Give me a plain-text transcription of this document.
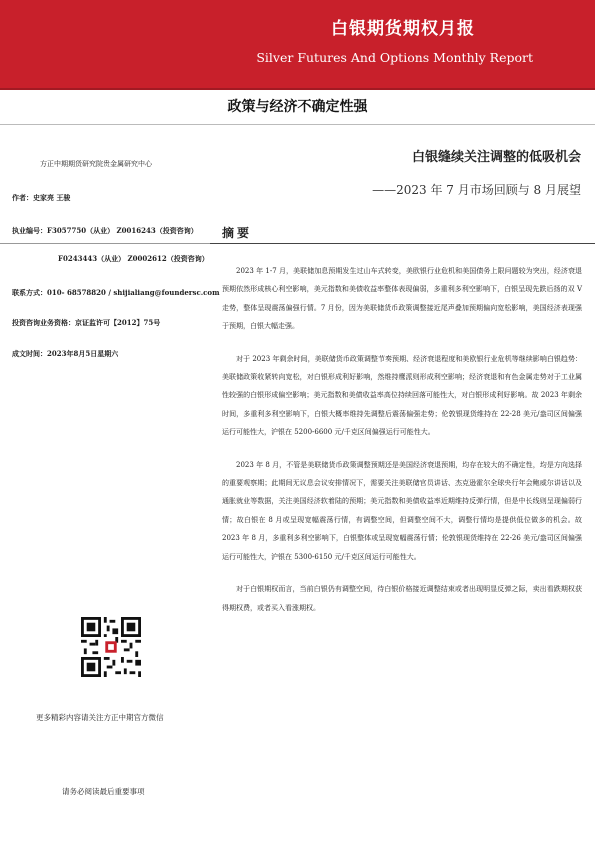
白银期货期权月报
Silver Futures And Options Monthly Report
政策与经济不确定性强
白银缝续关注调整的低吸机会
——2023 年 7 月市场回顾与 8 月展望
方正中期期货研究院贵金属研究中心
作者：史家亮 王骏
执业编号：F3057750（从业） Z0016243（投资咨询）
F0243443（从业） Z0002612（投资咨询）
联系方式：010- 68578820 / shijialiang@foundersc.com
投资咨询业务资格：京证监许可【2012】75号
成文时间：2023年8月5日星期六
摘要

2023 年 1-7 月，美联储加息预期发生过山车式转变，美欧银行业危机和美国债务上限问题较为突出，经济衰退预期依然形成核心利空影响，美元指数和美债收益率整体表现偏弱，多重利多利空影响下，白银呈现先跌后扬的双 V 走势，整体呈现震荡偏强行情。7 月份，因为美联储货币政策调整接近尾声叠加预期偏向宽松影响，美国经济表现强于预期，白银大幅走强。

对于 2023 年剩余时间，美联储货币政策调整节奏预期、经济衰退程度和美欧银行业危机等继续影响白银趋势：美联储政策收紧转向宽松，对白银形成利好影响，然维持鹰派则形成利空影响；经济衰退和有色金属走势对于工业属性较强的白银形成偏空影响；美元指数和美债收益率高位持续回落可能性大，对白银形成利好影响。故 2023 年剩余时间，多重利多利空影响下，白银大概率维持先调整后震荡偏强走势；伦敦银现货维持在 22-28 美元/盎司区间偏强运行可能性大，沪银在 5200-6600 元/千克区间偏强运行可能性大。

2023 年 8 月，不管是美联储货币政策调整预期还是美国经济衰退预期，均存在较大的不确定性，均是方向选择的重要观察期；此期间无议息会议安排情况下，需要关注美联储官员讲话、杰克逊霍尔全球央行年会鲍威尔讲话以及通胀就业等数据，关注美国经济软着陆的预期；美元指数和美债收益率近期维持反弹行情，但是中长线则呈现偏弱行情；故白银在 8 月或呈现宽幅震荡行情，有调整空间，但调整空间不大，调整行情均是提供低位做多的机会。故 2023 年 8 月，多重利多利空影响下，白银整体或呈现宽幅震荡行情；伦敦银现货维持在 22-26 美元/盎司区间偏强运行可能性大，沪银在 5300-6150 元/千克区间运行可能性大。

对于白银期权而言，当前白银仍有调整空间，待白银价格接近调整结束或者出现明显反弹之际，卖出看跌期权获得期权费，或者买入看涨期权。

更多精彩内容请关注方正中期官方微信
请务必阅读最后重要事项
